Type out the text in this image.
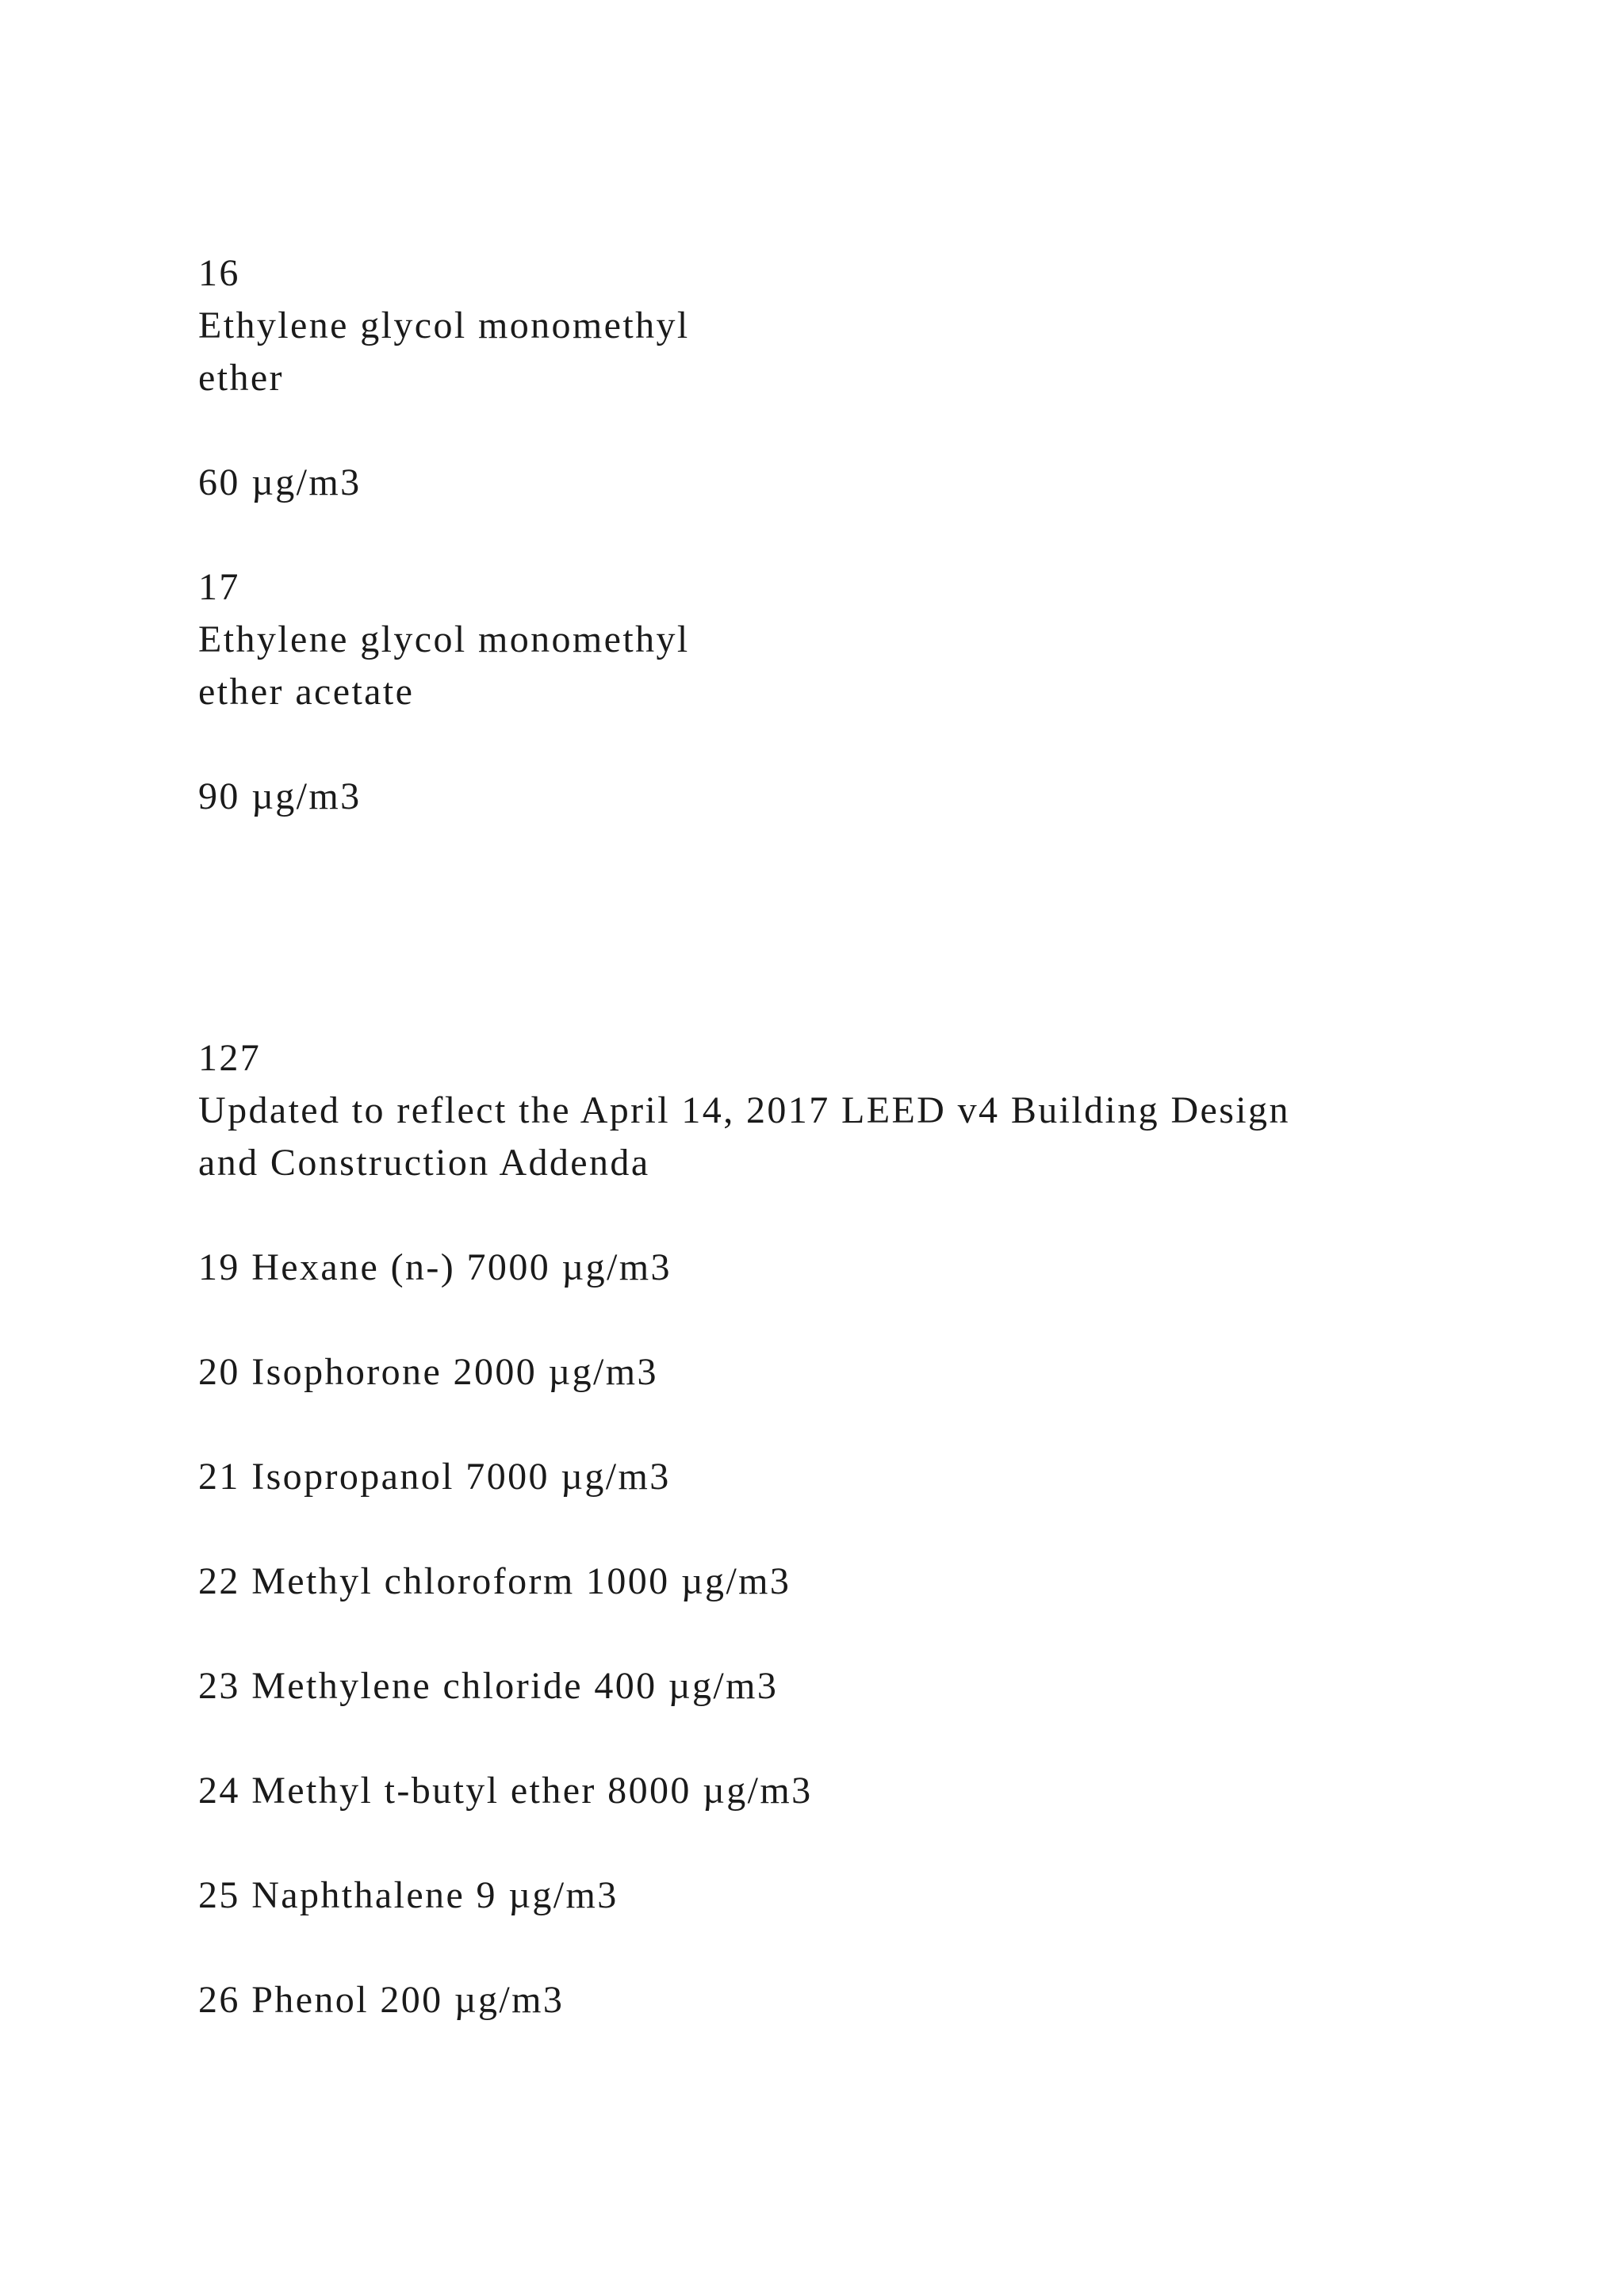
16

Ethylene glycol monomethyl

ether

60 µg/m3

17

Ethylene glycol monomethyl

ether acetate

90 µg/m3

127

Updated to reflect the April 14, 2017 LEED v4 Building Design

and Construction Addenda

19 Hexane (n-) 7000 µg/m3

20 Isophorone 2000 µg/m3

21 Isopropanol 7000 µg/m3

22 Methyl chloroform 1000 µg/m3

23 Methylene chloride 400 µg/m3

24 Methyl t-butyl ether 8000 µg/m3

25 Naphthalene 9 µg/m3

26 Phenol 200 µg/m3
